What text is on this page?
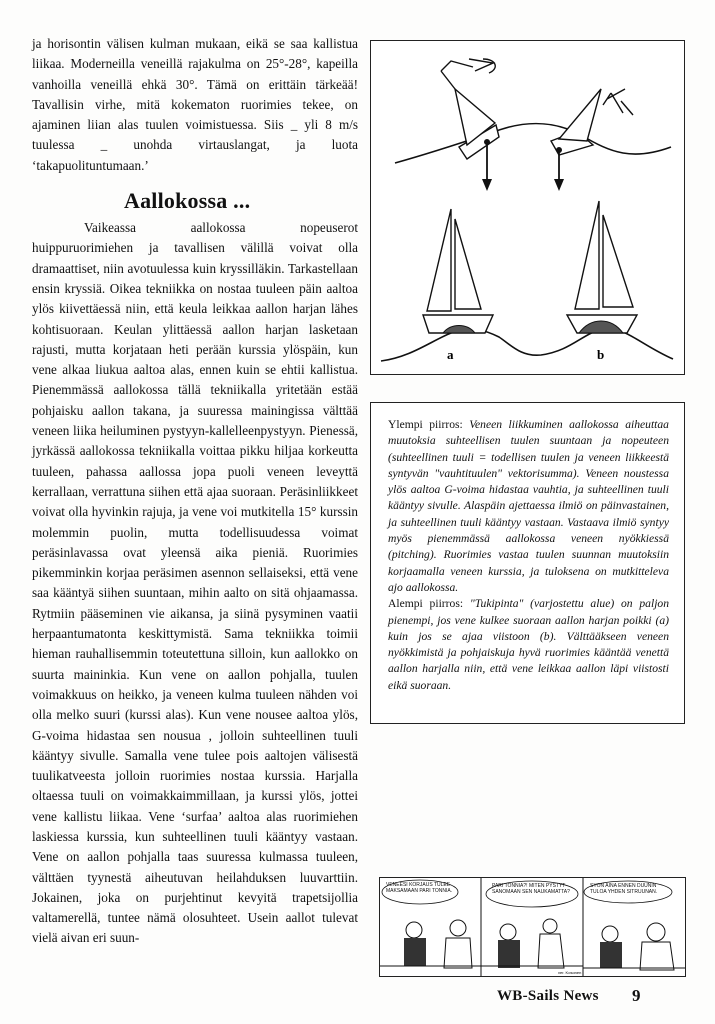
ja horisontin välisen kulman mukaan, eikä se saa kallistua liikaa. Moderneilla veneillä rajakulma on 25°-28°, kapeilla vanhoilla veneillä ehkä 30°. Tämä on erittäin tärkeää! Tavallisin virhe, mitä kokematon ruorimies tekee, on ajaminen liian alas tuulen voimistuessa. Siis _ yli 8 m/s tuulessa _ unohda virtauslangat, ja luota ‘takapuolituntumaan.’

Aallokossa ...

Vaikeassa aallokossa nopeuserot huippuruorimiehen ja tavallisen välillä voivat olla dramaattiset, niin avotuulessa kuin kryssilläkin. Tarkastellaan ensin kryssiä. Oikea tekniikka on nostaa tuuleen päin aaltoa ylös kiivettäessä niin, että keula leikkaa aallon harjan lähes kohtisuoraan. Keulan ylittäessä aallon harjan lasketaan rajusti, mutta korjataan heti perään kurssia ylöspäin, kun vene alkaa liukua aaltoa alas, ennen kuin se ehtii kallistua. Pienemmässä aallokossa tällä tekniikalla yritetään estää pohjaisku aallon takana, ja suuressa mainingissa välttää veneen liika heiluminen pystyyn-kallelleenpystyyn. Pienessä, jyrkässä aallokossa tekniikalla voittaa pikku hiljaa korkeutta tuuleen, pahassa aallossa jopa puoli veneen leveyttä kerrallaan, verrattuna siihen että ajaa suoraan. Peräsinliikkeet voivat olla hyvinkin rajuja, ja vene voi mutkitella 15° kurssin molemmin puolin, mutta todellisuudessa voimat peräsinlavassa ovat yleensä aika pieniä. Ruorimies pikemminkin korjaa peräsimen asennon sellaiseksi, että vene saa kääntyä siihen suuntaan, mihin aalto on sitä ohjaamassa. Rytmiin pääseminen vie aikansa, ja siinä pysyminen vaatii herpaantumatonta keskittymistä. Sama tekniikka toimii hieman rauhallisemmin toteutettuna silloin, kun aallokko on suurta maininkia. Kun vene on aallon pohjalla, tuulen voimakkuus on heikko, ja veneen kulma tuuleen nähden voi olla melko suuri (kurssi alas). Kun vene nousee aaltoa ylös, G-voima hidastaa sen nousua , jolloin suhteellinen tuuli kääntyy sivulle. Samalla vene tulee pois aaltojen välisestä tuulikatveesta jolloin ruorimies nostaa kurssia. Harjalla oltaessa tuuli on voimakkaimmillaan, ja kurssi ylös, jottei vene kallistu liikaa. Vene ‘surfaa’ aaltoa alas ruorimiehen laskiessa kurssia, kun suhteellinen tuuli kääntyy vastaan. Vene on aallon pohjalla taas suuressa kulmassa tuuleen, välttäen tyynestä aiheutuvan heilahduksen luuvarttiin. Jokainen, joka on purjehtinut kevyitä trapetsijollia valtamerellä, tuntee nämä olosuhteet. Usein aallot tulevat vielä aivan eri suun-

a	b

Ylempi piirros: Veneen liikkuminen aallokossa aiheuttaa muutoksia suhteellisen tuulen suuntaan ja nopeuteen (suhteellinen tuuli = todellisen tuulen ja veneen liikkeestä syntyvän "vauhtituulen" vektorisumma). Veneen noustessa ylös aaltoa G-voima hidastaa vauhtia, ja suhteellinen tuuli kääntyy sivulle. Alaspäin ajettaessa ilmiö on päinvastainen, ja suhteellinen tuuli kääntyy vastaan. Vastaava ilmiö syntyy myös pienemmässä aallokossa veneen nyökkiessä (pitching). Ruorimies vastaa tuulen suunnan muutoksiin korjaamalla veneen kurssia, ja tuloksena on mutkitteleva ajo aallokossa.
Alempi piirros: "Tukipinta" (varjostettu alue) on paljon pienempi, jos vene kulkee suoraan aallon harjan poikki (a) kuin jos se ajaa viistoon (b). Välttääkseen veneen nyökkimistä ja pohjaiskuja hyvä ruorimies kääntää venettä aallon harjalla niin, että vene leikkaa aallon läpi viistosti eikä suoraan.

VENEESI KORJAUS TULEE MAKSAMAAN PARI TONNIA.
PARI TONNIA?! MITEN PYSTYT SANOMAAN SEN NAUKAMATTA?
ver. Kosonen
SYÖN AINA ENNEN DUUNIN TULOA YHDEN SITRUUNAN.
WB-Sails News 9
